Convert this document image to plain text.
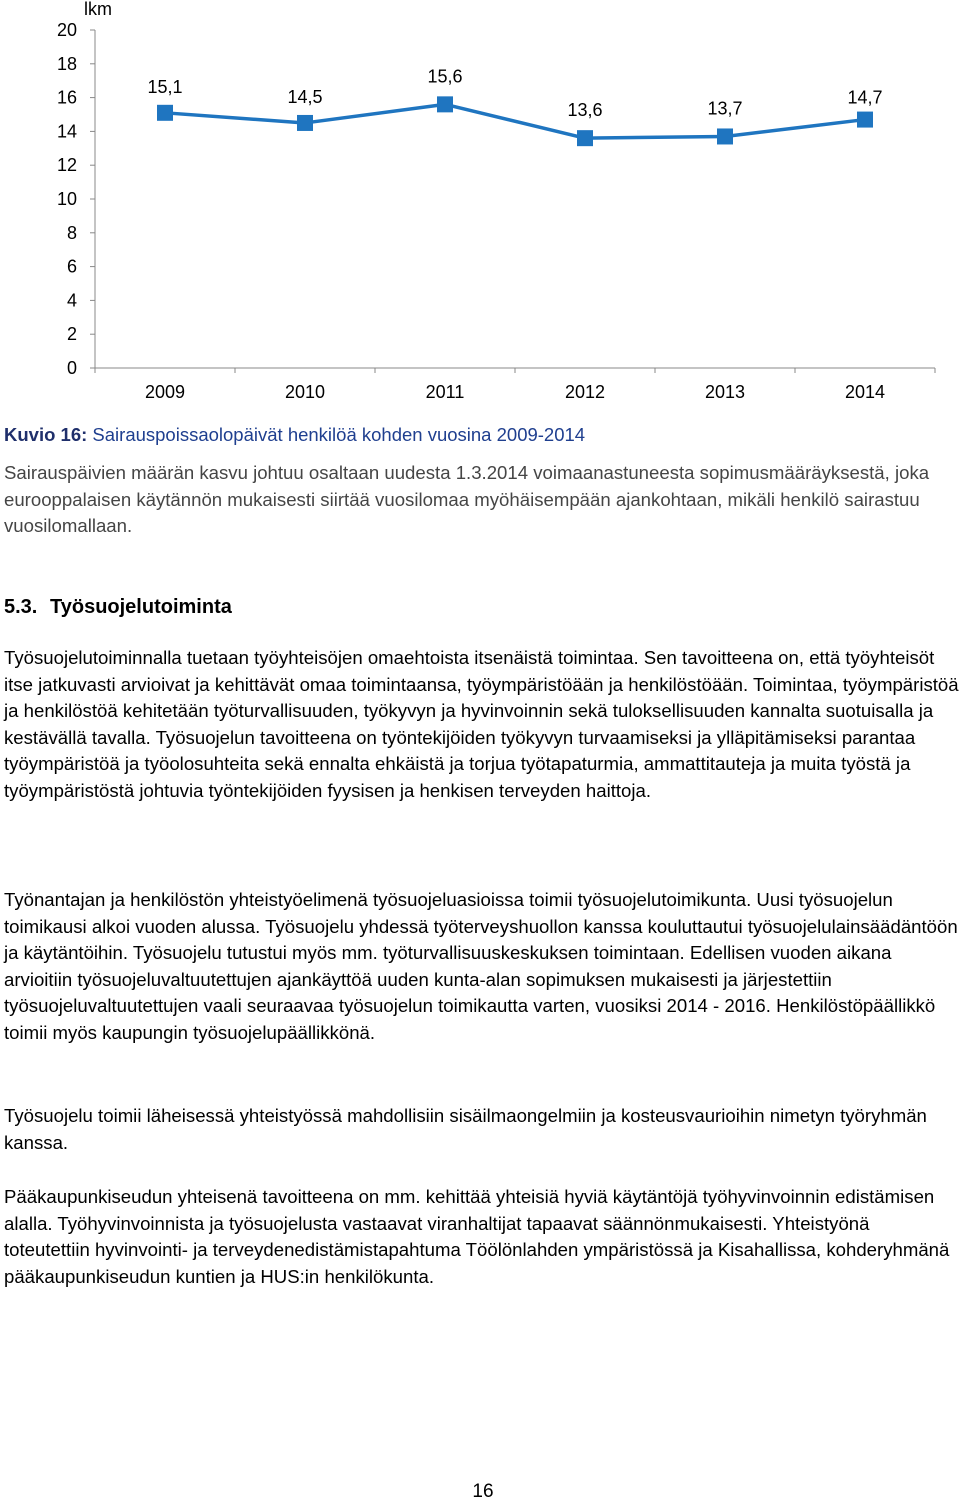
0
2
4
6
8
10
12
14
16
18
20
2009	2010	2011	2012	2013	2014
15,1
14,5
15,6
13,6	13,7
14,7
lkm

Kuvio 16: Sairauspoissaolopäivät henkilöä kohden vuosina 2009-2014

Sairauspäivien määrän kasvu johtuu osaltaan uudesta 1.3.2014 voimaanastuneesta sopimusmääräyksestä, joka eurooppalaisen käytännön mukaisesti siirtää vuosilomaa myöhäisempään ajankohtaan, mikäli henkilö sairastuu vuosilomallaan.

5.3. Työsuojelutoiminta

Työsuojelutoiminnalla tuetaan työyhteisöjen omaehtoista itsenäistä toimintaa. Sen tavoitteena on, että työyhteisöt itse jatkuvasti arvioivat ja kehittävät omaa toimintaansa, työympäristöään ja henkilöstöään. Toimintaa, työympäristöä ja henkilöstöä kehitetään työturvallisuuden, työkyvyn ja hyvinvoinnin sekä tuloksellisuuden kannalta suotuisalla ja kestävällä tavalla. Työsuojelun tavoitteena on työntekijöiden työkyvyn turvaamiseksi ja ylläpitämiseksi parantaa työympäristöä ja työolosuhteita sekä ennalta ehkäistä ja torjua työtapaturmia, ammattitauteja ja muita työstä ja työympäristöstä johtuvia työntekijöiden fyysisen ja henkisen terveyden haittoja.

Työnantajan ja henkilöstön yhteistyöelimenä työsuojeluasioissa toimii työsuojelutoimikunta. Uusi työsuojelun toimikausi alkoi vuoden alussa. Työsuojelu yhdessä työterveyshuollon kanssa kouluttautui työsuojelulainsäädäntöön ja käytäntöihin. Työsuojelu tutustui myös mm. työturvallisuuskeskuksen toimintaan. Edellisen vuoden aikana arvioitiin työsuojeluvaltuutettujen ajankäyttöä uuden kunta-alan sopimuksen mukaisesti ja järjestettiin työsuojeluvaltuutettujen vaali seuraavaa työsuojelun toimikautta varten, vuosiksi 2014 - 2016. Henkilöstöpäällikkö toimii myös kaupungin työsuojelupäällikkönä.

Työsuojelu toimii läheisessä yhteistyössä mahdollisiin sisäilmaongelmiin ja kosteusvaurioihin nimetyn työryhmän kanssa.

Pääkaupunkiseudun yhteisenä tavoitteena on mm. kehittää yhteisiä hyviä käytäntöjä työhyvinvoinnin edistämisen alalla. Työhyvinvoinnista ja työsuojelusta vastaavat viranhaltijat tapaavat säännönmukaisesti. Yhteistyönä toteutettiin hyvinvointi- ja terveydenedistämistapahtuma Töölönlahden ympäristössä ja Kisahallissa, kohderyhmänä pääkaupunkiseudun kuntien ja HUS:in henkilökunta.

16
